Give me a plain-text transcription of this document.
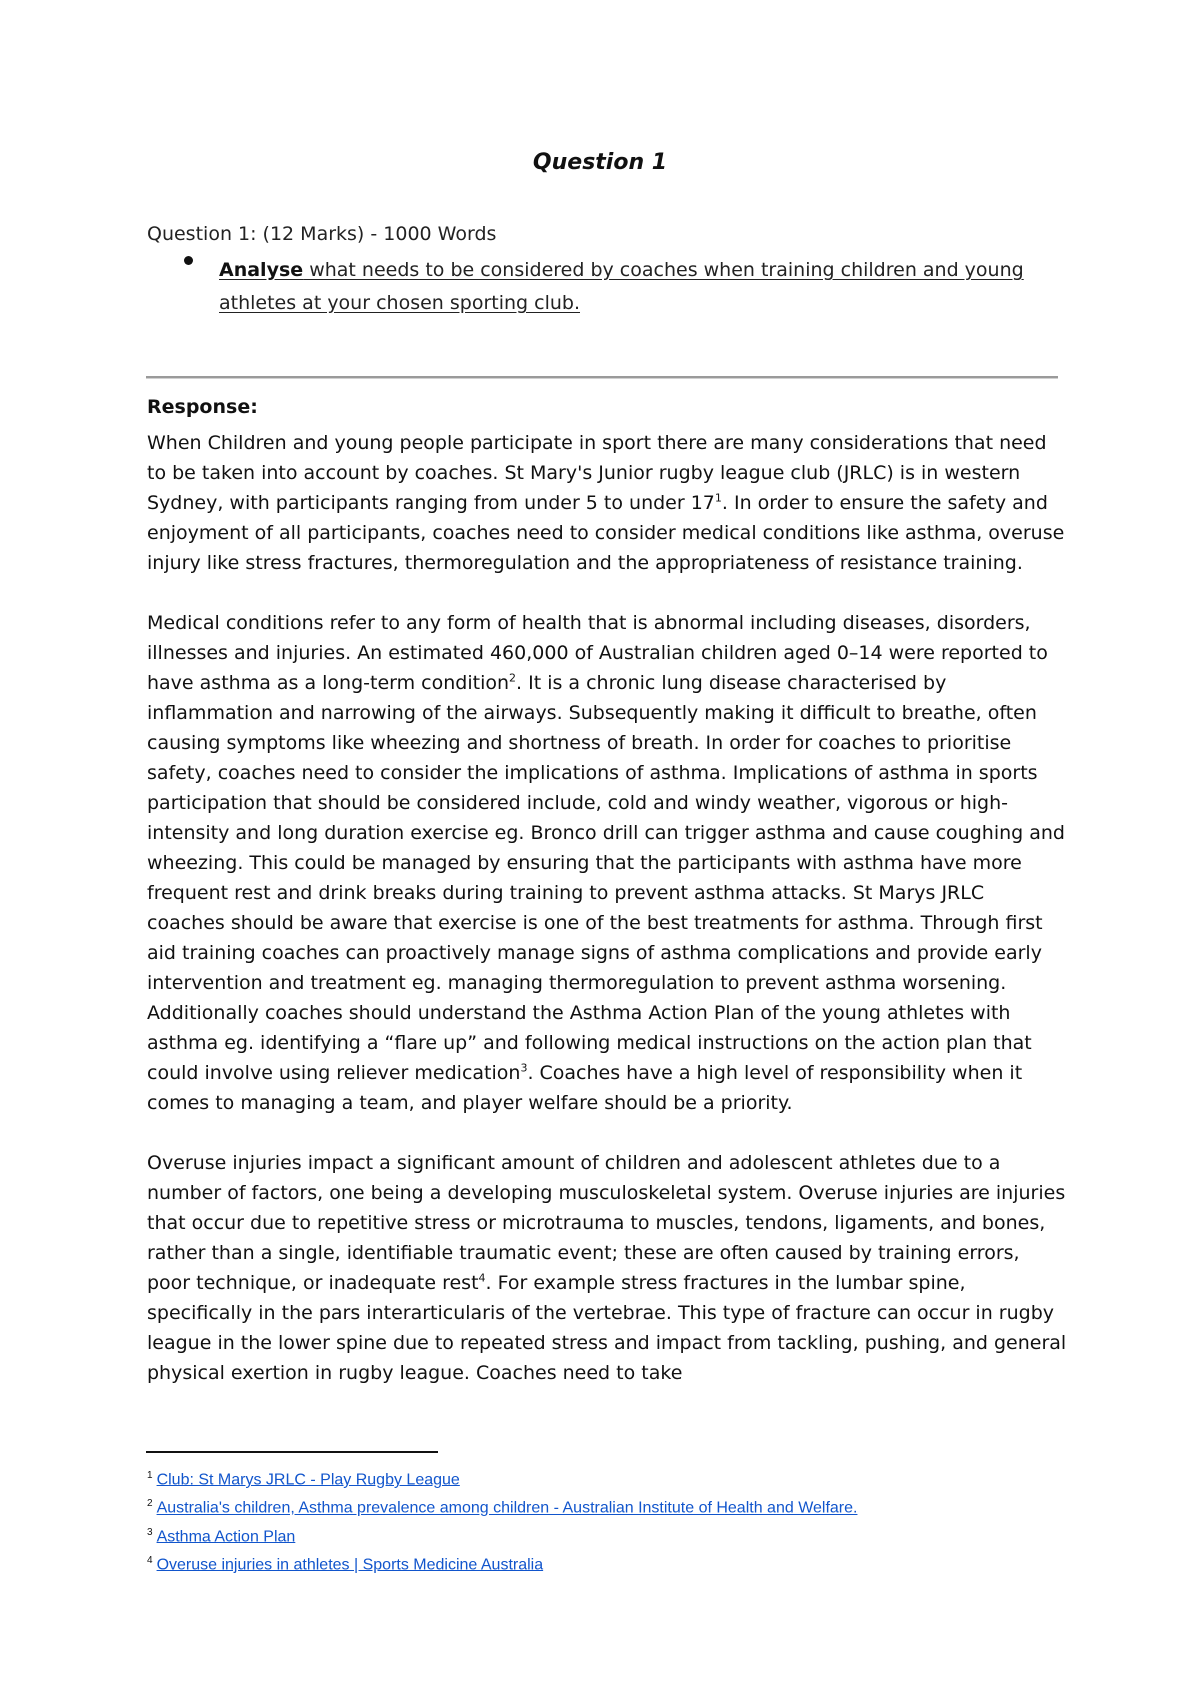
Question 1
Question 1: (12 Marks) - 1000 Words
Analyse what needs to be considered by coaches when training children and young athletes at your chosen sporting club.
Response:

When Children and young people participate in sport there are many considerations that need to be taken into account by coaches. St Mary's Junior rugby league club (JRLC) is in western Sydney, with participants ranging from under 5 to under $17^1$. In order to ensure the safety and enjoyment of all participants, coaches need to consider medical conditions like asthma, overuse injury like stress fractures, thermoregulation and the appropriateness of resistance training.

Medical conditions refer to any form of health that is abnormal including diseases, disorders, illnesses and injuries. An estimated 460,000 of Australian children aged 0–14 were reported to have asthma as a long-term condition$^2$. It is a chronic lung disease characterised by inflammation and narrowing of the airways. Subsequently making it difficult to breathe, often causing symptoms like wheezing and shortness of breath. In order for coaches to prioritise safety, coaches need to consider the implications of asthma. Implications of asthma in sports participation that should be considered include, cold and windy weather, vigorous or high-intensity and long duration exercise eg. Bronco drill can trigger asthma and cause coughing and wheezing. This could be managed by ensuring that the participants with asthma have more frequent rest and drink breaks during training to prevent asthma attacks. St Marys JRLC coaches should be aware that exercise is one of the best treatments for asthma. Through first aid training coaches can proactively manage signs of asthma complications and provide early intervention and treatment eg. managing thermoregulation to prevent asthma worsening. Additionally coaches should understand the Asthma Action Plan of the young athletes with asthma eg. identifying a “flare up” and following medical instructions on the action plan that could involve using reliever medication$^3$. Coaches have a high level of responsibility when it comes to managing a team, and player welfare should be a priority.

Overuse injuries impact a significant amount of children and adolescent athletes due to a number of factors, one being a developing musculoskeletal system. Overuse injuries are injuries that occur due to repetitive stress or microtrauma to muscles, tendons, ligaments, and bones, rather than a single, identifiable traumatic event; these are often caused by training errors, poor technique, or inadequate rest$^4$. For example stress fractures in the lumbar spine, specifically in the pars interarticularis of the vertebrae. This type of fracture can occur in rugby league in the lower spine due to repeated stress and impact from tackling, pushing, and general physical exertion in rugby league. Coaches need to take

$^1$ Club: St Marys JRLC - Play Rugby League
$^2$ Australia's children, Asthma prevalence among children - Australian Institute of Health and Welfare.
$^3$ Asthma Action Plan
$^4$ Overuse injuries in athletes | Sports Medicine Australia
